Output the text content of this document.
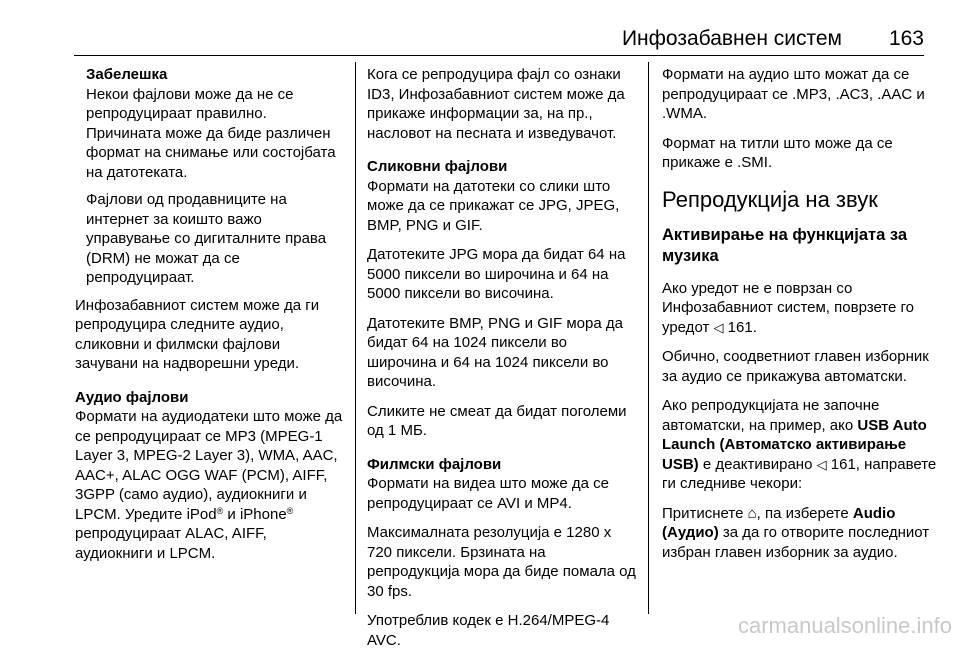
Инфозабавнен систем 163

Забелешка
Некои фајлови може да не се репродуцираат правилно. Причината може да биде различен формат на снимање или состојбата на датотеката.

Фајлови од продавниците на интернет за коишто важо управување со дигиталните права (DRM) не можат да се репродуцираат.

Инфозабавниот систем може да ги репродуцира следните аудио, сликовни и филмски фајлови зачувани на надворешни уреди.

Аудио фајлови
Формати на аудиодатеки што може да се репродуцираат се MP3 (MPEG-1 Layer 3, MPEG-2 Layer 3), WMA, AAC, AAC+, ALAC OGG WAF (PCM), AIFF, 3GPP (само аудио), аудиокниги и LPCM. Уредите iPod® и iPhone® репродуцираат ALAC, AIFF, аудиокниги и LPCM.

Кога се репродуцира фајл со ознаки ID3, Инфозабавниот систем може да прикаже информации за, на пр., насловот на песната и изведувачот.

Сликовни фајлови
Формати на датотеки со слики што може да се прикажат се JPG, JPEG, BMP, PNG и GIF.

Датотеките JPG мора да бидат 64 на 5000 пиксели во широчина и 64 на 5000 пиксели во височина.

Датотеките BMP, PNG и GIF мора да бидат 64 на 1024 пиксели во широчина и 64 на 1024 пиксели во височина.

Сликите не смеат да бидат поголеми од 1 МБ.

Филмски фајлови
Формати на видеа што може да се репродуцираат се AVI и MP4.

Максималната резолуција е 1280 x 720 пиксели. Брзината на репродукција мора да биде помала од 30 fps.

Употреблив кодек е H.264/MPEG-4 AVC.

Формати на аудио што можат да се репродуцираат се .MP3, .AC3, .AAC и .WMA.

Формат на титли што може да се прикаже е .SMI.

Репродукција на звук
Активирање на функцијата за музика

Ако уредот не е поврзан со Инфозабавниот систем, поврзете го уредот ◁ 161.

Обично, соодветниот главен изборник за аудио се прикажува автоматски.

Ако репродукцијата не започне автоматски, на пример, ако USB Auto Launch (Автоматско активирање USB) е деактивирано ◁ 161, направете ги следниве чекори:

Притиснете ⌂, па изберете Audio (Аудио) за да го отворите последниот избран главен изборник за аудио.

carmanualsonline.info
